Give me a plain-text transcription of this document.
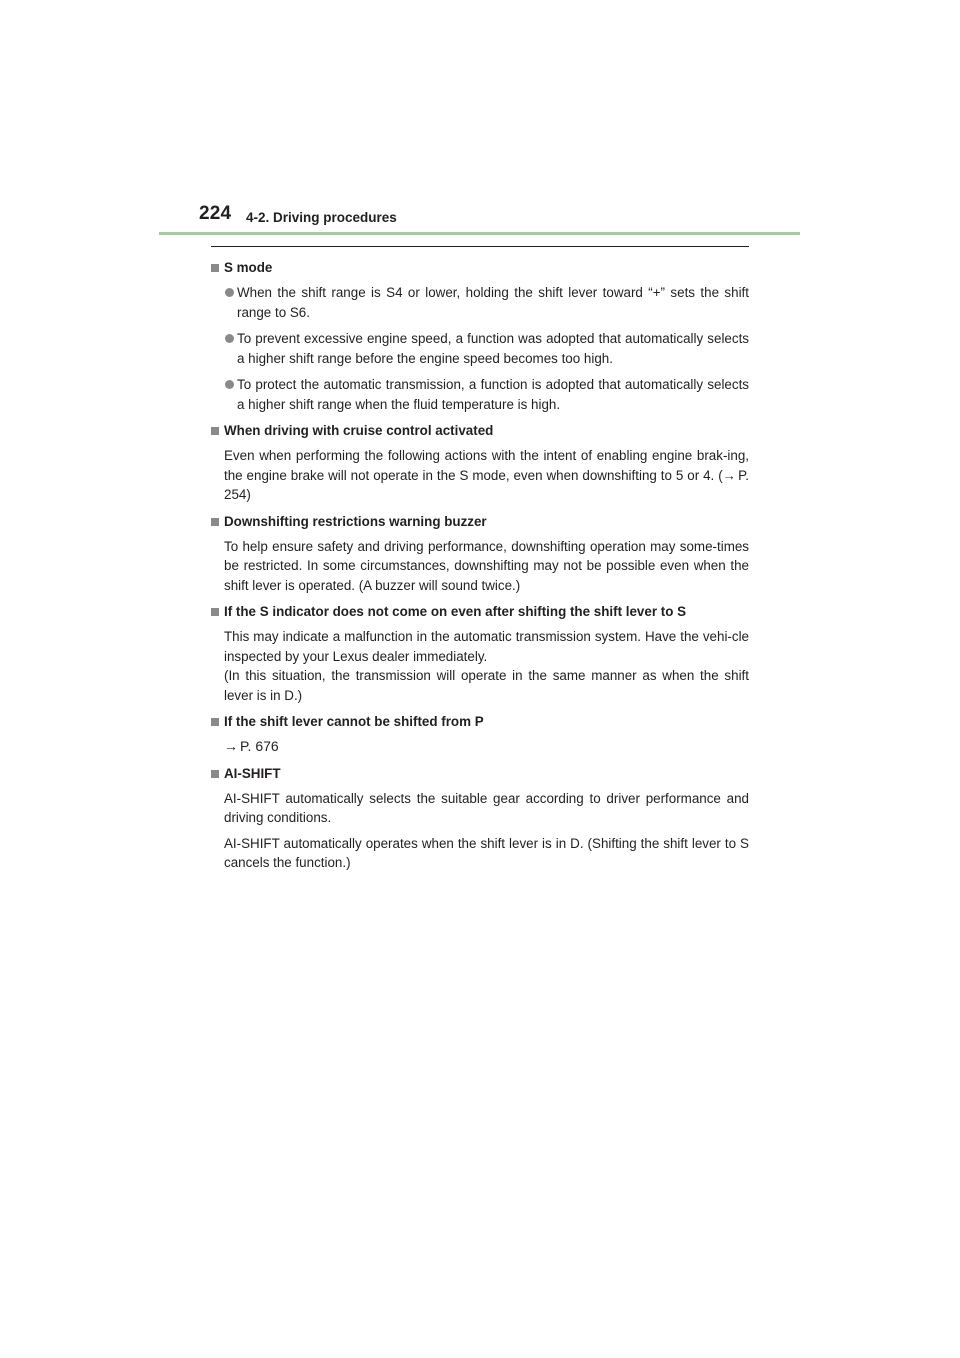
224 4-2. Driving procedures
S mode
When the shift range is S4 or lower, holding the shift lever toward “+” sets the shift range to S6.
To prevent excessive engine speed, a function was adopted that automatically selects a higher shift range before the engine speed becomes too high.
To protect the automatic transmission, a function is adopted that automatically selects a higher shift range when the fluid temperature is high.
When driving with cruise control activated
Even when performing the following actions with the intent of enabling engine brak-ing, the engine brake will not operate in the S mode, even when downshifting to 5 or 4. (→ P. 254)
Downshifting restrictions warning buzzer
To help ensure safety and driving performance, downshifting operation may some-times be restricted. In some circumstances, downshifting may not be possible even when the shift lever is operated. (A buzzer will sound twice.)
If the S indicator does not come on even after shifting the shift lever to S
This may indicate a malfunction in the automatic transmission system. Have the vehi-cle inspected by your Lexus dealer immediately.
(In this situation, the transmission will operate in the same manner as when the shift lever is in D.)
If the shift lever cannot be shifted from P
→ P. 676
AI-SHIFT
AI-SHIFT automatically selects the suitable gear according to driver performance and driving conditions.
AI-SHIFT automatically operates when the shift lever is in D. (Shifting the shift lever to S cancels the function.)
